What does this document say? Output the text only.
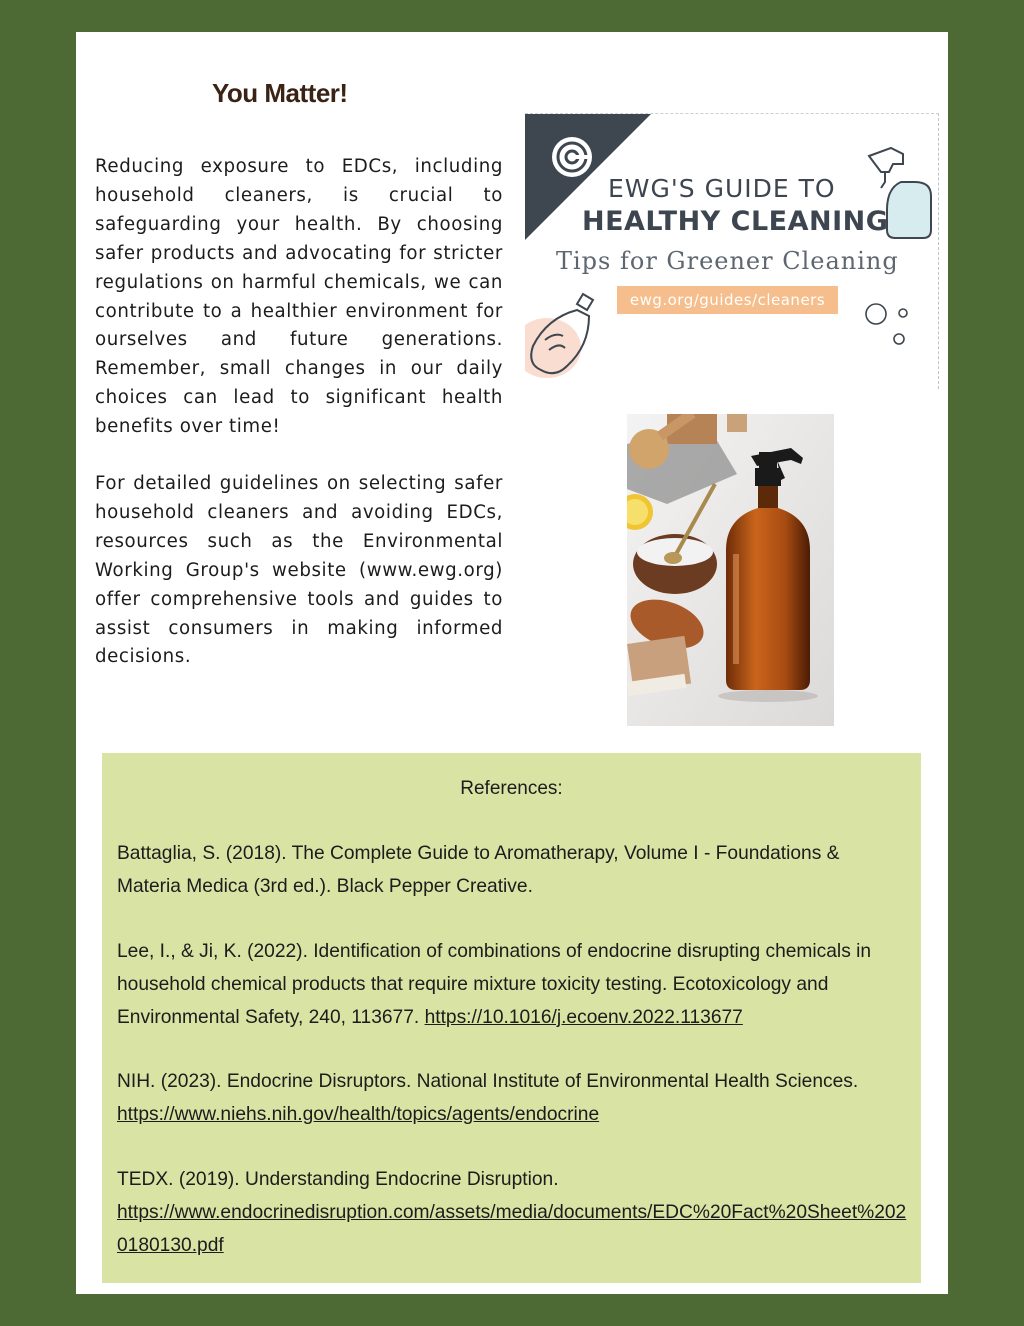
You Matter!

Reducing exposure to EDCs, including household cleaners, is crucial to safeguarding your health. By choosing safer products and advocating for stricter regulations on harmful chemicals, we can contribute to a healthier environment for ourselves and future generations. Remember, small changes in our daily choices can lead to significant health benefits over time!

For detailed guidelines on selecting safer household cleaners and avoiding EDCs, resources such as the Environmental Working Group's website (www.ewg.org) offer comprehensive tools and guides to assist consumers in making informed decisions.

EWG'S GUIDE TO
HEALTHY CLEANING
Tips for Greener Cleaning
ewg.org/guides/cleaners
References:

Battaglia, S. (2018). The Complete Guide to Aromatherapy, Volume I - Foundations & Materia Medica (3rd ed.). Black Pepper Creative.

Lee, I., & Ji, K. (2022). Identification of combinations of endocrine disrupting chemicals in household chemical products that require mixture toxicity testing. Ecotoxicology and Environmental Safety, 240, 113677. https://10.1016/j.ecoenv.2022.113677

NIH. (2023). Endocrine Disruptors. National Institute of Environmental Health Sciences.
https://www.niehs.nih.gov/health/topics/agents/endocrine

TEDX. (2019). Understanding Endocrine Disruption.
https://www.endocrinedisruption.com/assets/media/documents/EDC%20Fact%20Sheet%2020180130.pdf
